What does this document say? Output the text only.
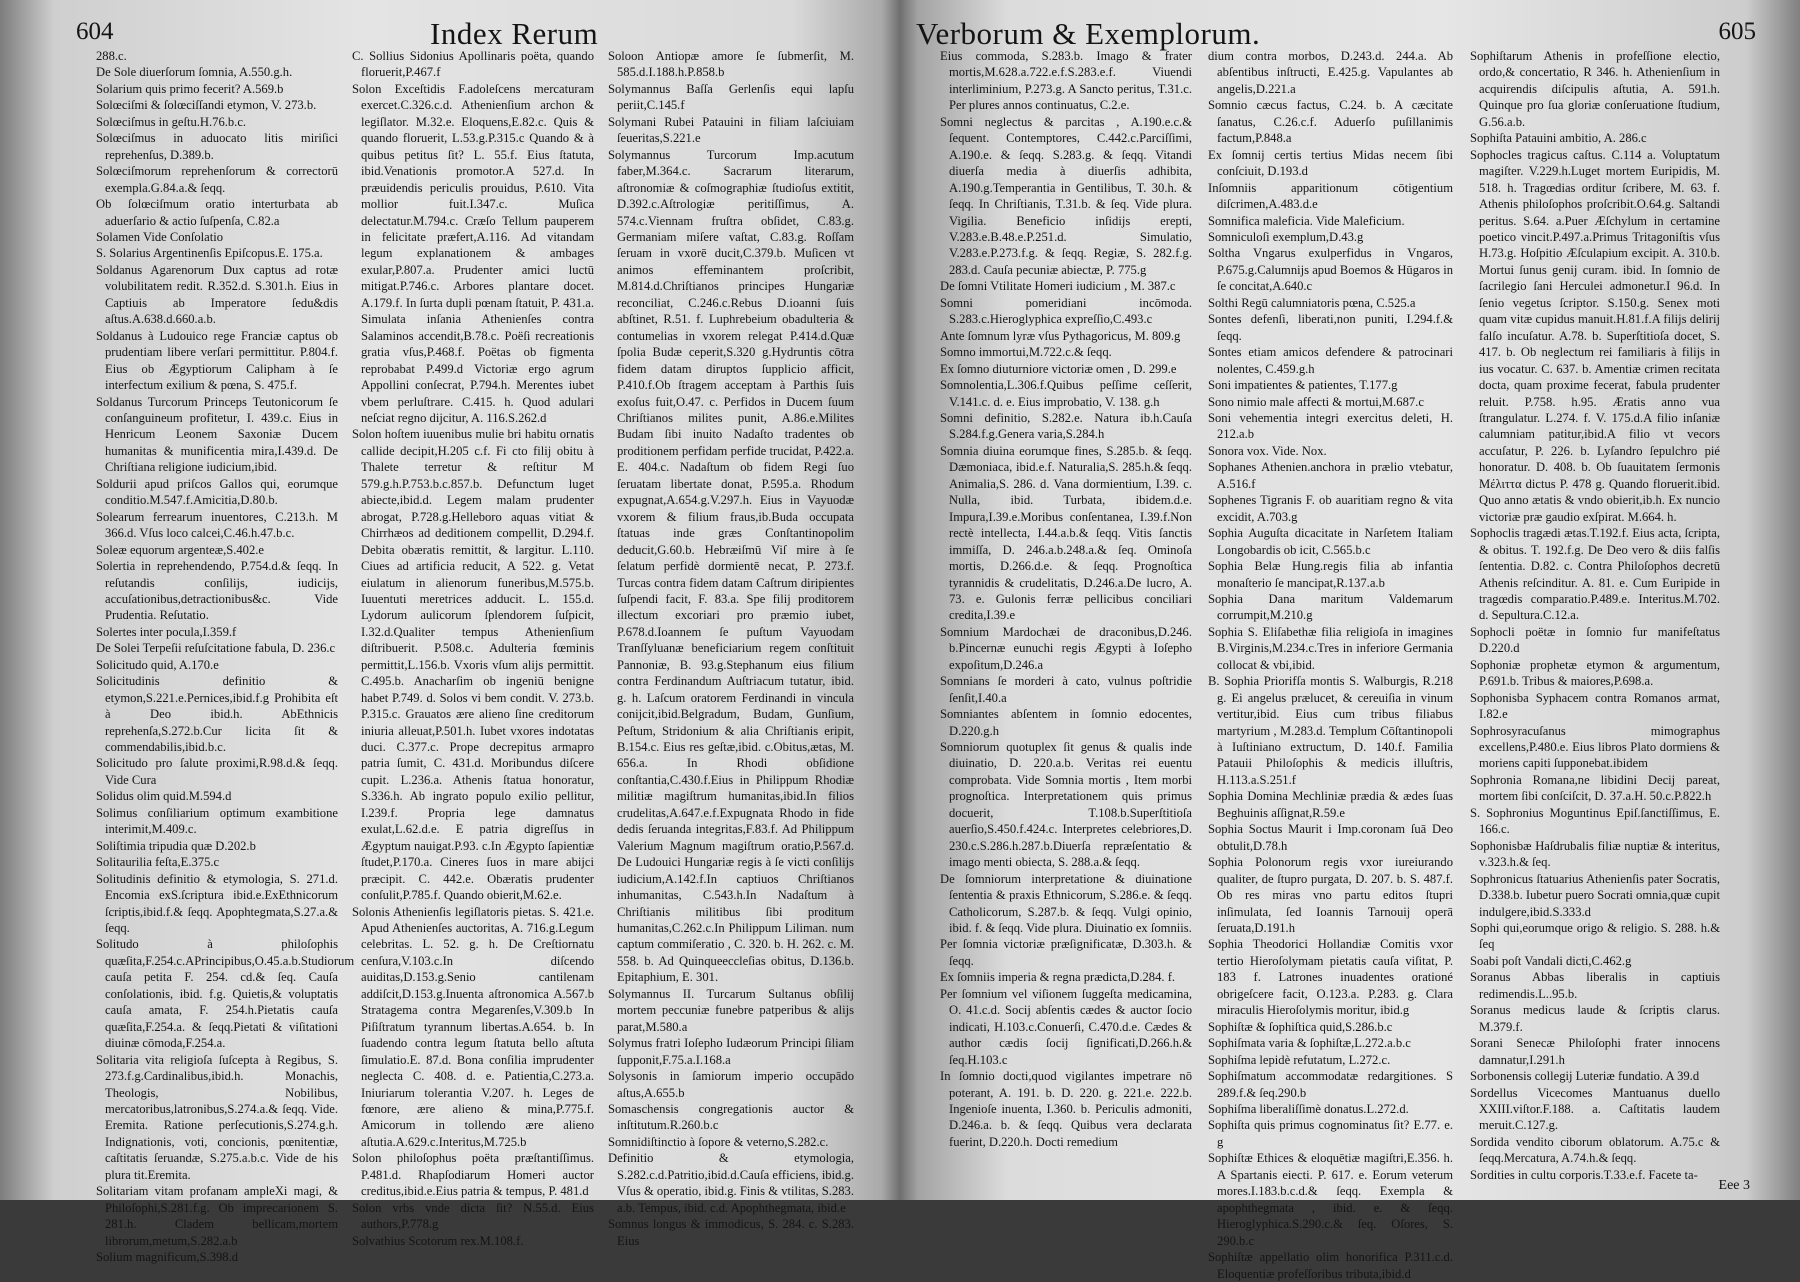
604	Index Rerum

288.c.

De Sole diuerſorum ſomnia, A.550.g.h.

Solarium quis primo fecerit? A.569.b

Solœciſmi & ſolœciſſandi etymon, V. 273.b.

Solœciſmus in geſtu.H.76.b.c.

Solœciſmus in aduocato litis miriſici reprehenſus, D.389.b.

Solœciſmorum reprehenſorum & correctorū exempla.G.84.a.& ſeqq.

Ob ſolœciſmum oratio interturbata ab aduerſario & actio ſuſpenſa, C.82.a

Solamen Vide Conſolatio

S. Solarius Argentinenſis Epiſcopus.E. 175.a.

Soldanus Agarenorum Dux captus ad rotæ volubilitatem redit. R.352.d. S.301.h. Eius in Captiuis ab Imperatore ſedu&dis aſtus.A.638.d.660.a.b.

Soldanus à Ludouico rege Franciæ captus ob prudentiam libere verſari permittitur. P.804.f. Eius ob Ægyptiorum Calipham à ſe interfectum exilium & pœna, S. 475.f.

Soldanus Turcorum Princeps Teutonicorum ſe conſanguineum profitetur, I. 439.c. Eius in Henricum Leonem Saxoniæ Ducem humanitas & munificentia mira,I.439.d. De Chriſtiana religione iudicium,ibid.

Soldurii apud priſcos Gallos qui, eorumque conditio.M.547.f.Amicitia,D.80.b.

Solearum ferrearum inuentores, C.213.h. M 366.d. Vſus loco calcei,C.46.h.47.b.c.

Soleæ equorum argenteæ,S.402.e

Solertia in reprehendendo, P.754.d.& ſeqq. In reſutandis conſilijs, iudicijs, accuſationibus,detractionibus&c. Vide Prudentia. Reſutatio.

Solertes inter pocula,I.359.f

De Solei Terpeſii reſuſcitatione fabula, D. 236.c

Solicitudo quid, A.170.e

Solicitudinis definitio & etymon,S.221.e.Pernices,ibid.f.g Prohibita eſt à Deo ibid.h. AbEthnicis reprehenſa,S.272.b.Cur licita ſit & commendabilis,ibid.b.c.

Solicitudo pro ſalute proximi,R.98.d.& ſeqq. Vide Cura

Solidus olim quid.M.594.d

Solimus conſiliarium optimum exambitione interimit,M.409.c.

Soliſtimia tripudia quæ D.202.b

Solitaurilia feſta,E.375.c

Solitudinis definitio & etymologia, S. 271.d. Encomia exS.ſcriptura ibid.e.ExEthnicorum ſcriptis,ibid.f.& ſeqq. Apophtegmata,S.27.a.& ſeqq.

Solitudo à philoſophis quæſita,F.254.c.APrincipibus,O.45.a.b.Studiorum cauſa petita F. 254. cd.& ſeq. Cauſa conſolationis, ibid. f.g. Quietis,& voluptatis cauſa amata, F. 254.h.Pietatis cauſa quæſita,F.254.a. & ſeqq.Pietati & viſitationi diuinæ cōmoda,F.254.a.

Solitaria vita religioſa ſuſcepta à Regibus, S. 273.f.g.Cardinalibus,ibid.h. Monachis, Theologis, Nobilibus, mercatoribus,latronibus,S.274.a.& ſeqq. Vide. Eremita. Ratione perſecutionis,S.274.g.h. Indignationis, voti, concionis, pœnitentiæ, caſtitatis ſeruandæ, S.275.a.b.c. Vide de his plura tit.Eremita.

Solitariam vitam profanam ampleXi magi, & Philoſophi,S.281.f.g. Ob imprecarionem S. 281.h. Cladem bellicam,mortem librorum,metum,S.282.a.b

Solium magnificum,S.398.d

C. Sollius Sidonius Apollinaris poëta, quando floruerit,P.467.f

Solon Exceſtidis F.adoleſcens mercaturam exercet.C.326.c.d. Athenienſium archon & legiſlator. M.32.e. Eloquens,E.82.c. Quis & quando floruerit, L.53.g.P.315.c Quando & à quibus petitus ſit? L. 55.f. Eius ſtatuta, ibid.Venationis promotor.A 527.d. In præuidendis periculis prouidus, P.610. Vita mollior fuit.I.347.c. Muſica delectatur.M.794.c. Cræſo Tellum pauperem in felicitate præfert,A.116. Ad vitandam legum explanationem & ambages exular,P.807.a. Prudenter amici luctū mitigat.P.746.c. Arbores plantare docet. A.179.f. In ſurta dupli pœnam ſtatuit, P. 431.a. Simulata inſania Athenienſes contra Salaminos accendit,B.78.c. Poëſi recreationis gratia vſus,P.468.f. Poëtas ob figmenta reprobabat P.499.d Victoriæ ergo agrum Appollini conſecrat, P.794.h. Merentes iubet vbem perluſtrare. C.415. h. Quod adulari neſciat regno dijcitur, A. 116.S.262.d

Solon hoſtem iuuenibus mulie bri habitu ornatis callide decipit,H.205 c.f. Fi cto filij obitu à Thalete terretur & reſtitur M 579.g.h.P.753.b.c.857.b. Defunctum luget abiecte,ibid.d. Legem malam prudenter abrogat, P.728.g.Helleboro aquas vitiat & Chirrhæos ad deditionem compellit, D.294.f. Debita obæratis remittit, & largitur. L.110. Ciues ad artificia reducit, A 522. g. Vetat eiulatum in alienorum funeribus,M.575.b. Iuuentuti meretrices adducit. L. 155.d. Lydorum aulicorum ſplendorem ſuſpicit, I.32.d.Qualiter tempus Athenienſium diſtribuerit. P.508.c. Adulteria fœminis permittit,L.156.b. Vxoris vſum alijs permittit. C.495.b. Anacharſim ob ingeniū benigne habet P.749. d. Solos vi bem condit. V. 273.b. P.315.c. Grauatos ære alieno ſine creditorum iniuria alleuat,P.501.h. Iubet vxores indotatas duci. C.377.c. Prope decrepitus armapro patria ſumit, C. 431.d. Moribundus diſcere cupit. L.236.a. Athenis ſtatua honoratur, S.336.h. Ab ingrato populo exilio pellitur, I.239.f. Propria lege damnatus exulat,L.62.d.e. E patria digreſſus in Ægyptum nauigat.P.93. c.In Ægypto ſapientiæ ſtudet,P.170.a. Cineres ſuos in mare abijci præcipit. C. 442.e. Obæratis prudenter conſulit,P.785.f. Quando obierit,M.62.e.

Solonis Athenienſis legiſlatoris pietas. S. 421.e. Apud Athenienſes auctoritas, A. 716.g.Legum celebritas. L. 52. g. h. De Creſtiornatu cenſura,V.103.c.In diſcendo auiditas,D.153.g.Senio cantilenam addiſcit,D.153.g.Inuenta aſtronomica A.567.b Stratagema contra Megarenſes,V.309.b In Piſiſtratum tyrannum libertas.A.654. b. In ſuadendo contra legum ſtatuta bello aſtuta ſimulatio.E. 87.d. Bona conſilia imprudenter neglecta C. 408. d. e. Patientia,C.273.a. Iniuriarum tolerantia V.207. h. Leges de fœnore, ære alieno & mina,P.775.f. Amicorum in tollendo ære alieno aſtutia.A.629.c.Interitus,M.725.b

Solon philoſophus poëta præſtantiſſimus. P.481.d. Rhapſodiarum Homeri auctor creditus,ibid.e.Eius patria & tempus, P. 481.d

Solon vrbs vnde dicta ſit? N.55.d. Eius authors,P.778.g

Solvathius Scotorum rex.M.108.f.

Soloon Antiopæ amore ſe ſubmerſit, M. 585.d.I.188.h.P.858.b

Solymannus Baſſa Gerlenſis equi lapſu periit,C.145.f

Solymani Rubei Patauini in filiam laſciuiam ſeueritas,S.221.e

Solymannus Turcorum Imp.acutum faber,M.364.c. Sacrarum literarum, aſtronomiæ & coſmographiæ ſtudioſus extitit, D.392.c.Aſtrologiæ peritiſſimus, A. 574.c.Viennam fruſtra obſidet, C.83.g. Germaniam miſere vaſtat, C.83.g. Roſſam ſeruam in vxorē ducit,C.379.b. Muſicen vt animos effeminantem proſcribit, M.814.d.Chriſtianos principes Hungariæ reconciliat, C.246.c.Rebus D.ioanni ſuis abſtinet, R.51. f. Luphrebeium obadulteria & contumelias in vxorem relegat P.414.d.Quæ ſpolia Budæ ceperit,S.320 g.Hydruntis cōtra fidem datam diruptos ſupplicio afficit, P.410.f.Ob ſtragem acceptam à Parthis ſuis exoſus fuit,O.47. c. Perfidos in Ducem ſuum Chriſtianos milites punit, A.86.e.Milites Budam ſibi inuito Nadaſto tradentes ob proditionem perfidam perfide trucidat, P.422.a. E. 404.c. Nadaſtum ob fidem Regi ſuo ſeruatam libertate donat, P.595.a. Rhodum expugnat,A.654.g.V.297.h. Eius in Vayuodæ vxorem & filium fraus,ib.Buda occupata ſtatuas inde græs Conſtantinopolim deducit,G.60.b. Hebræiſmū Viſ mire à ſe ſelatum perfidè dormientē necat, P. 273.f. Turcas contra fidem datam Caſtrum diripientes ſuſpendi facit, F. 83.a. Spe filij proditorem illectum excoriari pro præmio iubet, P.678.d.Ioannem ſe puſtum Vayuodam Tranſſyluanæ beneficiarium regem conſtituit Pannoniæ, B. 93.g.Stephanum eius filium contra Ferdinandum Auſtriacum tutatur, ibid. g. h. Laſcum oratorem Ferdinandi in vincula conijcit,ibid.Belgradum, Budam, Gunſium, Peſtum, Stridonium & alia Chriſtianis eripit, B.154.c. Eius res geſtæ,ibid. c.Obitus,ætas, M. 656.a. In Rhodi obſidione conſtantia,C.430.f.Eius in Philippum Rhodiæ militiæ magiſtrum humanitas,ibid.In filios crudelitas,A.647.e.f.Expugnata Rhodo in fide dedis ſeruanda integritas,F.83.f. Ad Philippum Valerium Magnum magiſtrum oratio,P.567.d. De Ludouici Hungariæ regis à ſe victi conſilijs iudicium,A.142.f.In captiuos Chriſtianos inhumanitas, C.543.h.In Nadaſtum à Chriſtianis militibus ſibi proditum humanitas,C.262.c.In Philippum Liliman. num captum commiſeratio , C. 320. b. H. 262. c. M. 558. b. Ad Quinqueeccleſias obitus, D.136.b. Epitaphium, E. 301.

Solymannus II. Turcarum Sultanus obſilij mortem peccuniæ funebre patperibus & alijs parat,M.580.a

Solymus fratri Ioſepho Iudæorum Principi ſiliam ſupponit,F.75.a.I.168.a

Solysonis in ſamiorum imperio occupādo aſtus,A.655.b

Somaschensis congregationis auctor & inſtitutum.R.260.b.c

Somnidiſtinctio à ſopore & veterno,S.282.c.

Definitio & etymologia, S.282.c.d.Patritio,ibid.d.Cauſa efficiens, ibid.g. Vſus & operatio, ibid.g. Finis & vtilitas, S.283. a.b. Tempus, ibid. c.d. Apophthegmata, ibid.e

Somnus longus & immodicus, S. 284. c. S.283. Eius

605
Verborum & Exemplorum.

Eius commoda, S.283.b. Imago & frater mortis,M.628.a.722.e.f.S.283.e.f. Viuendi interliminium, P.273.g. A Sancto peritus, T.31.c. Per plures annos continuatus, C.2.e.

Somni neglectus & parcitas , A.190.e.c.& ſequent. Contemptores, C.442.c.Parciſſimi, A.190.e. & ſeqq. S.283.g. & ſeqq. Vitandi diuerſa media à diuerſis adhibita, A.190.g.Temperantia in Gentilibus, T. 30.h. & ſeqq. In Chriſtianis, T.31.b. & ſeq. Vide plura. Vigilia. Beneficio inſidijs erepti, V.283.e.B.48.e.P.251.d. Simulatio, V.283.e.P.273.f.g. & ſeqq. Regiæ, S. 282.f.g. 283.d. Cauſa pecuniæ abiectæ, P. 775.g

De ſomni Vtilitate Homeri iudicium , M. 387.c

Somni pomeridiani incōmoda. S.283.c.Hieroglyphica expreſſio,C.493.c

Ante ſomnum lyræ vſus Pythagoricus, M. 809.g

Somno immortui,M.722.c.& ſeqq.

Ex ſomno diuturniore victoriæ omen , D. 299.e

Somnolentia,L.306.f.Quibus peſſime ceſſerit, V.141.c. d. e. Eius improbatio, V. 138. g.h

Somni definitio, S.282.e. Natura ib.h.Cauſa S.284.f.g.Genera varia,S.284.h

Somnia diuina eorumque fines, S.285.b. & ſeqq. Dæmoniaca, ibid.e.f. Naturalia,S. 285.h.& ſeqq. Animalia,S. 286. d. Vana dormientium, I.39. c. Nulla, ibid. Turbata, ibidem.d.e. Impura,I.39.e.Moribus conſentanea, I.39.f.Non rectè intellecta, I.44.a.b.& ſeqq. Vitis ſanctis immiſſa, D. 246.a.b.248.a.& ſeq. Ominoſa mortis, D.266.d.e. & ſeqq. Prognoſtica tyrannidis & crudelitatis, D.246.a.De lucro, A. 73. e. Gulonis ferræ pellicibus conciliari credita,I.39.e

Somnium Mardochæi de draconibus,D.246. b.Pincernæ eunuchi regis Ægypti à Ioſepho expoſitum,D.246.a

Somnians ſe morderi à cato, vulnus poſtridie ſenſit,I.40.a

Somniantes abſentem in ſomnio edocentes, D.220.g.h

Somniorum quotuplex ſit genus & qualis inde diuinatio, D. 220.a.b. Veritas rei euentu comprobata. Vide Somnia mortis , Item morbi prognoſtica. Interpretationem quis primus docuerit, T.108.b.Superſtitioſa auerſio,S.450.f.424.c. Interpretes celebriores,D. 230.c.S.286.h.287.b.Diuerſa repræſentatio & imago menti obiecta, S. 288.a.& ſeqq.

De ſomniorum interpretatione & diuinatione ſententia & praxis Ethnicorum, S.286.e. & ſeqq. Catholicorum, S.287.b. & ſeqq. Vulgi opinio, ibid. f. & ſeqq. Vide plura. Diuinatio ex ſomniis.

Per ſomnia victoriæ præſignificatæ, D.303.h. & ſeqq.

Ex ſomniis imperia & regna prædicta,D.284. f.

Per ſomnium vel viſionem ſuggeſta medicamina, O. 41.c.d. Socij abſentis cædes & auctor ſocio indicati, H.103.c.Conuerſi, C.470.d.e. Cædes & author cædis ſocij ſignificati,D.266.h.& ſeq.H.103.c

In ſomnio docti,quod vigilantes impetrare nō poterant, A. 191. b. D. 220. g. 221.e. 222.b. Ingenioſe inuenta, I.360. b. Periculis admoniti, D.246.a. b. & ſeqq. Quibus vera declarata fuerint, D.220.h. Docti remedium

dium contra morbos, D.243.d. 244.a. Ab abſentibus inſtructi, E.425.g. Vapulantes ab angelis,D.221.a

Somnio cæcus factus, C.24. b. A cæcitate ſanatus, C.26.c.f. Aduerſo puſillanimis factum,P.848.a

Ex ſomnij certis tertius Midas necem ſibi conſciuit, D.193.d

Inſomniis apparitionum cōtigentium diſcrimen,A.483.d.e

Somnifica maleficia. Vide Maleficium.

Somniculoſi exemplum,D.43.g

Soltha Vngarus exulperfidus in Vngaros, P.675.g.Calumnijs apud Boemos & Hūgaros in ſe concitat,A.640.c

Solthi Regū calumniatoris pœna, C.525.a

Sontes defenſi, liberati,non puniti, I.294.f.& ſeqq.

Sontes etiam amicos defendere & patrocinari nolentes, C.459.g.h

Soni impatientes & patientes, T.177.g

Sono nimio male affecti & mortui,M.687.c

Soni vehementia integri exercitus deleti, H. 212.a.b

Sonora vox. Vide. Nox.

Sophanes Athenien.anchora in prælio vtebatur, A.516.f

Sophenes Tigranis F. ob auaritiam regno & vita excidit, A.703.g

Sophia Auguſta dicacitate in Narſetem Italiam Longobardis ob icit, C.565.b.c

Sophia Belæ Hung.regis filia ab infantia monaſterio ſe mancipat,R.137.a.b

Sophia Dana maritum Valdemarum corrumpit,M.210.g

Sophia S. Eliſabethæ filia religioſa in imagines B.Virginis,M.234.c.Tres in inferiore Germania collocat & vbi,ibid.

B. Sophia Priorifſa montis S. Walburgis, R.218 g. Ei angelus prælucet, & cereuiſia in vinum vertitur,ibid. Eius cum tribus filiabus martyrium , M.283.d. Templum Cōſtantinopoli à Iuſtiniano extructum, D. 140.f. Familia Patauii Philoſophis & medicis illuſtris, H.113.a.S.251.f

Sophia Domina Mechliniæ prædia & ædes ſuas Beghuinis aſſignat,R.59.e

Sophia Soctus Maurit i Imp.coronam ſuā Deo obtulit,D.78.h

Sophia Polonorum regis vxor iureiurando qualiter, de ſtupro purgata, D. 207. b. S. 487.f. Ob res miras vno partu editos ſtupri inſimulata, ſed Ioannis Tarnouij operā ſeruata,D.191.h

Sophia Theodorici Hollandiæ Comitis vxor tertio Hieroſolymam pietatis cauſa viſitat, P. 183 f. Latrones inuadentes orationé obrigeſcere facit, O.123.a. P.283. g. Clara miraculis Hieroſolymis moritur, ibid.g

Sophiſtæ & ſophiſtica quid,S.286.b.c

Sophiſmata varia & ſophiſtæ,L.272.a.b.c

Sophiſma lepidè refutatum, L.272.c.

Sophiſmatum accommodatæ redargitiones. S 289.f.& ſeq.290.b

Sophiſma liberaliſſimè donatus.L.272.d.

Sophiſta quis primus cognominatus ſit? E.77. e. g

Sophiſtæ Ethices & eloquētiæ magiſtri,E.356. h. A Spartanis eiecti. P. 617. e. Eorum veterum mores.I.183.b.c.d.& ſeqq. Exempla & apophthegmata , ibid. e. & ſeqq. Hieroglyphica.S.290.c.& ſeq. Oſores, S. 290.b.c

Sophiſtæ appellatio olim honorifica P.311.c.d. Eloquentiæ profeſſoribus tributa,ibid.d

Sophiſtarum Athenis in profeſſione electio, ordo,& concertatio, R 346. h. Athenienſium in acquirendis diſcipulis aſtutia, A. 591.h. Quinque pro ſua gloriæ conſeruatione ſtudium, G.56.a.b.

Sophiſta Patauini ambitio, A. 286.c

Sophocles tragicus caſtus. C.114 a. Voluptatum magiſter. V.229.h.Luget mortem Euripidis, M. 518. h. Tragœdias orditur ſcribere, M. 63. f. Athenis philoſophos proſcribit.O.64.g. Saltandi peritus. S.64. a.Puer Æſchylum in certamine poetico vincit.P.497.a.Primus Tritagoniſtis vſus H.73.g. Hoſpitio Æſculapium excipit. A. 310.b. Mortui ſunus genij curam. ibid. In ſomnio de ſacrilegio ſani Herculei admonetur.I 96.d. In ſenio vegetus ſcriptor. S.150.g. Senex moti quam vitæ cupidus manuit.H.81.f.A filijs delirij falſo incuſatur. A.78. b. Superſtitioſa docet, S. 417. b. Ob neglectum rei familiaris à filijs in ius vocatur. C. 637. b. Amentiæ crimen recitata docta, quam proxime fecerat, fabula prudenter reluit. P.758. h.95. Æratis anno vua ſtrangulatur. L.274. f. V. 175.d.A filio inſaniæ calumniam patitur,ibid.A filio vt vecors accuſatur, P. 226. b. Lyſandro ſepulchro pié honoratur. D. 408. b. Ob ſuauitatem ſermonis Μέλιττα dictus P. 478 g. Quando floruerit.ibid. Quo anno ætatis & vndo obierit,ib.h. Ex nuncio victoriæ præ gaudio exſpirat. M.664. h.

Sophoclis tragædi ætas.T.192.f. Eius acta, ſcripta, & obitus. T. 192.f.g. De Deo vero & diis falſis ſententia. D.82. c. Contra Philoſophos decretū Athenis reſcinditur. A. 81. e. Cum Euripide in tragœdis comparatio.P.489.e. Interitus.M.702. d. Sepultura.C.12.a.

Sophocli poëtæ in ſomnio fur manifeſtatus D.220.d

Sophoniæ prophetæ etymon & argumentum, P.691.b. Tribus & maiores,P.698.a.

Sophonisba Syphacem contra Romanos armat, I.82.e

Sophrosyracuſanus mimographus excellens,P.480.e. Eius libros Plato dormiens & moriens capiti ſupponebat.ibidem

Sophronia Romana,ne libidini Decij pareat, mortem ſibi conſciſcit, D. 37.a.H. 50.c.P.822.h

S. Sophronius Moguntinus Epiſ.ſanctiſſimus, E. 166.c.

Sophonisbæ Haſdrubalis filiæ nuptiæ & interitus, v.323.h.& ſeq.

Sophronicus ſtatuarius Athenienſis pater Socratis, D.338.b. Iubetur puero Socrati omnia,quæ cupit indulgere,ibid.S.333.d

Sophi qui,eorumque origo & religio. S. 288. h.& ſeq

Soabi poſt Vandali dicti,C.462.g

Soranus Abbas liberalis in captiuis redimendis.L..95.b.

Soranus medicus laude & ſcriptis clarus. M.379.f.

Sorani Senecæ Philoſophi frater innocens damnatur,I.291.h

Sorbonensis collegij Luteriæ fundatio. A 39.d

Sordellus Vicecomes Mantuanus duello XXIII.viſtor.F.188. a. Caſtitatis laudem meruit.C.127.g.

Sordida vendito ciborum oblatorum. A.75.c & ſeqq.Mercatura, A.74.h.& ſeqq.

Sordities in cultu corporis.T.33.e.f. Facete ta-

Eee 3
